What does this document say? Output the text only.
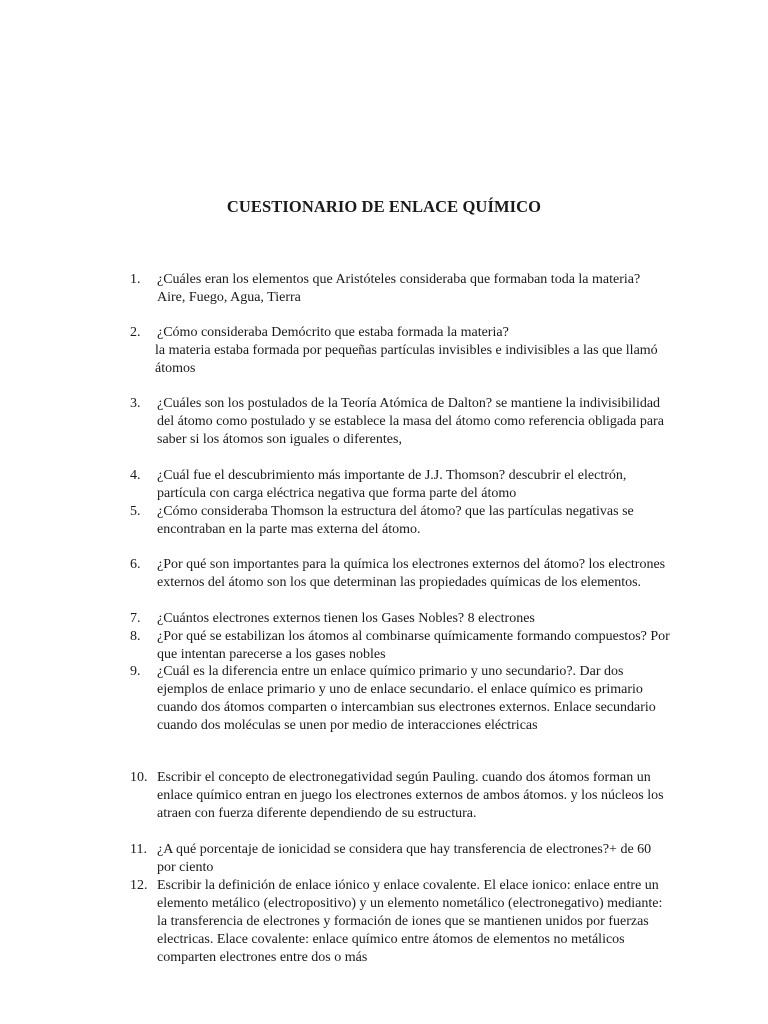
CUESTIONARIO DE ENLACE QUÍMICO
1.	¿Cuáles eran los elementos que Aristóteles consideraba que formaban toda la materia?
Aire, Fuego, Agua, Tierra
2.	¿Cómo consideraba Demócrito que estaba formada la materia?
la materia estaba formada por pequeñas partículas invisibles e indivisibles a las que llamó átomos
3.	¿Cuáles son los postulados de la Teoría Atómica de Dalton? se mantiene la indivisibilidad del átomo como postulado y se establece la masa del átomo como referencia obligada para saber si los átomos son iguales o diferentes,
4.	¿Cuál fue el descubrimiento más importante de J.J. Thomson? descubrir el electrón, partícula con carga eléctrica negativa que forma parte del átomo
5.	¿Cómo consideraba Thomson la estructura del átomo? que las partículas negativas se encontraban en la parte mas externa del átomo.
6.	¿Por qué son importantes para la química los electrones externos del átomo? los electrones externos del átomo son los que determinan las propiedades químicas de los elementos.
7.	¿Cuántos electrones externos tienen los Gases Nobles? 8 electrones
8.	¿Por qué se estabilizan los átomos al combinarse químicamente formando compuestos? Por que intentan parecerse a los gases nobles
9.	¿Cuál es la diferencia entre un enlace químico primario y uno secundario?. Dar dos ejemplos de enlace primario y uno de enlace secundario. el enlace químico es primario cuando dos átomos comparten o intercambian sus electrones externos. Enlace secundario cuando dos moléculas se unen por medio de interacciones eléctricas
10. Escribir el concepto de electronegatividad según Pauling. cuando dos átomos forman un enlace químico entran en juego los electrones externos de ambos átomos. y los núcleos los atraen con fuerza diferente dependiendo de su estructura.
11. ¿A qué porcentaje de ionicidad se considera que hay transferencia de electrones?+ de 60 por ciento
12. Escribir la definición de enlace iónico y enlace covalente. El elace ionico: enlace entre un elemento metálico (electropositivo) y un elemento nometálico (electronegativo) mediante: la transferencia de electrones y formación de iones que se mantienen unidos por fuerzas electricas. Elace covalente: enlace químico entre átomos de elementos no metálicos comparten electrones entre dos o más
